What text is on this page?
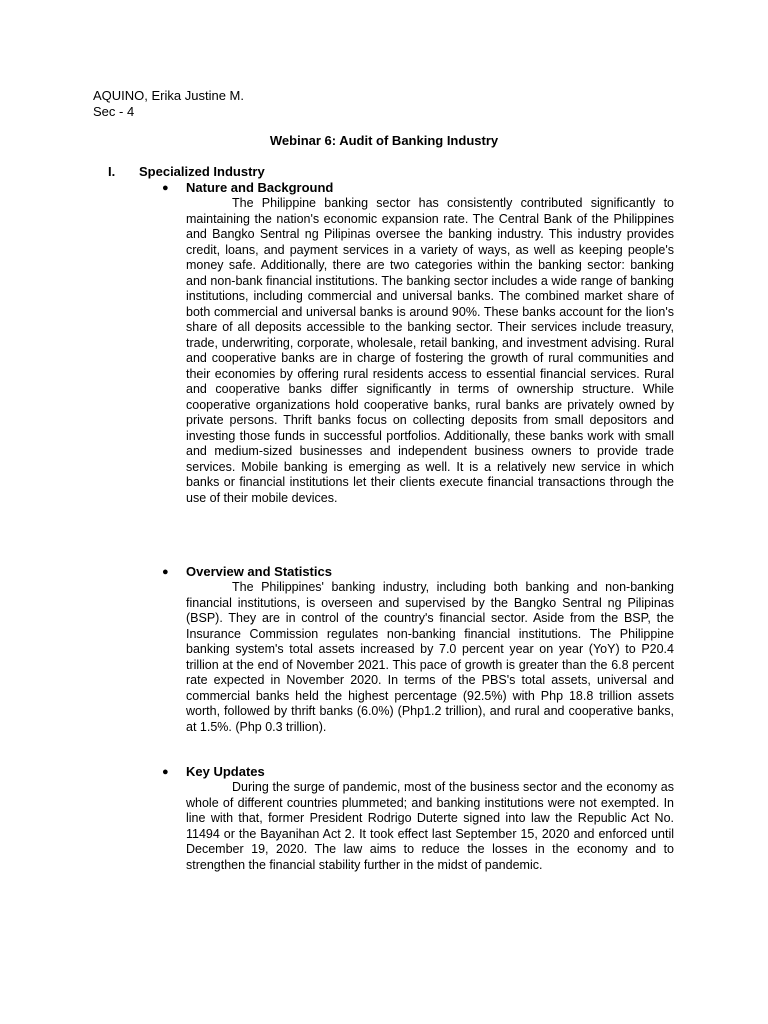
AQUINO, Erika Justine M.
Sec - 4
Webinar 6: Audit of Banking Industry
I. Specialized Industry
● Nature and Background

The Philippine banking sector has consistently contributed significantly to maintaining the nation's economic expansion rate. The Central Bank of the Philippines and Bangko Sentral ng Pilipinas oversee the banking industry. This industry provides credit, loans, and payment services in a variety of ways, as well as keeping people's money safe. Additionally, there are two categories within the banking sector: banking and non-bank financial institutions. The banking sector includes a wide range of banking institutions, including commercial and universal banks. The combined market share of both commercial and universal banks is around 90%. These banks account for the lion's share of all deposits accessible to the banking sector. Their services include treasury, trade, underwriting, corporate, wholesale, retail banking, and investment advising. Rural and cooperative banks are in charge of fostering the growth of rural communities and their economies by offering rural residents access to essential financial services. Rural and cooperative banks differ significantly in terms of ownership structure. While cooperative organizations hold cooperative banks, rural banks are privately owned by private persons. Thrift banks focus on collecting deposits from small depositors and investing those funds in successful portfolios. Additionally, these banks work with small and medium-sized businesses and independent business owners to provide trade services. Mobile banking is emerging as well. It is a relatively new service in which banks or financial institutions let their clients execute financial transactions through the use of their mobile devices.

● Overview and Statistics

The Philippines' banking industry, including both banking and non-banking financial institutions, is overseen and supervised by the Bangko Sentral ng Pilipinas (BSP). They are in control of the country's financial sector. Aside from the BSP, the Insurance Commission regulates non-banking financial institutions. The Philippine banking system's total assets increased by 7.0 percent year on year (YoY) to P20.4 trillion at the end of November 2021. This pace of growth is greater than the 6.8 percent rate expected in November 2020. In terms of the PBS's total assets, universal and commercial banks held the highest percentage (92.5%) with Php 18.8 trillion assets worth, followed by thrift banks (6.0%) (Php1.2 trillion), and rural and cooperative banks, at 1.5%. (Php 0.3 trillion).

● Key Updates

During the surge of pandemic, most of the business sector and the economy as whole of different countries plummeted; and banking institutions were not exempted. In line with that, former President Rodrigo Duterte signed into law the Republic Act No. 11494 or the Bayanihan Act 2. It took effect last September 15, 2020 and enforced until December 19, 2020. The law aims to reduce the losses in the economy and to strengthen the financial stability further in the midst of pandemic.
